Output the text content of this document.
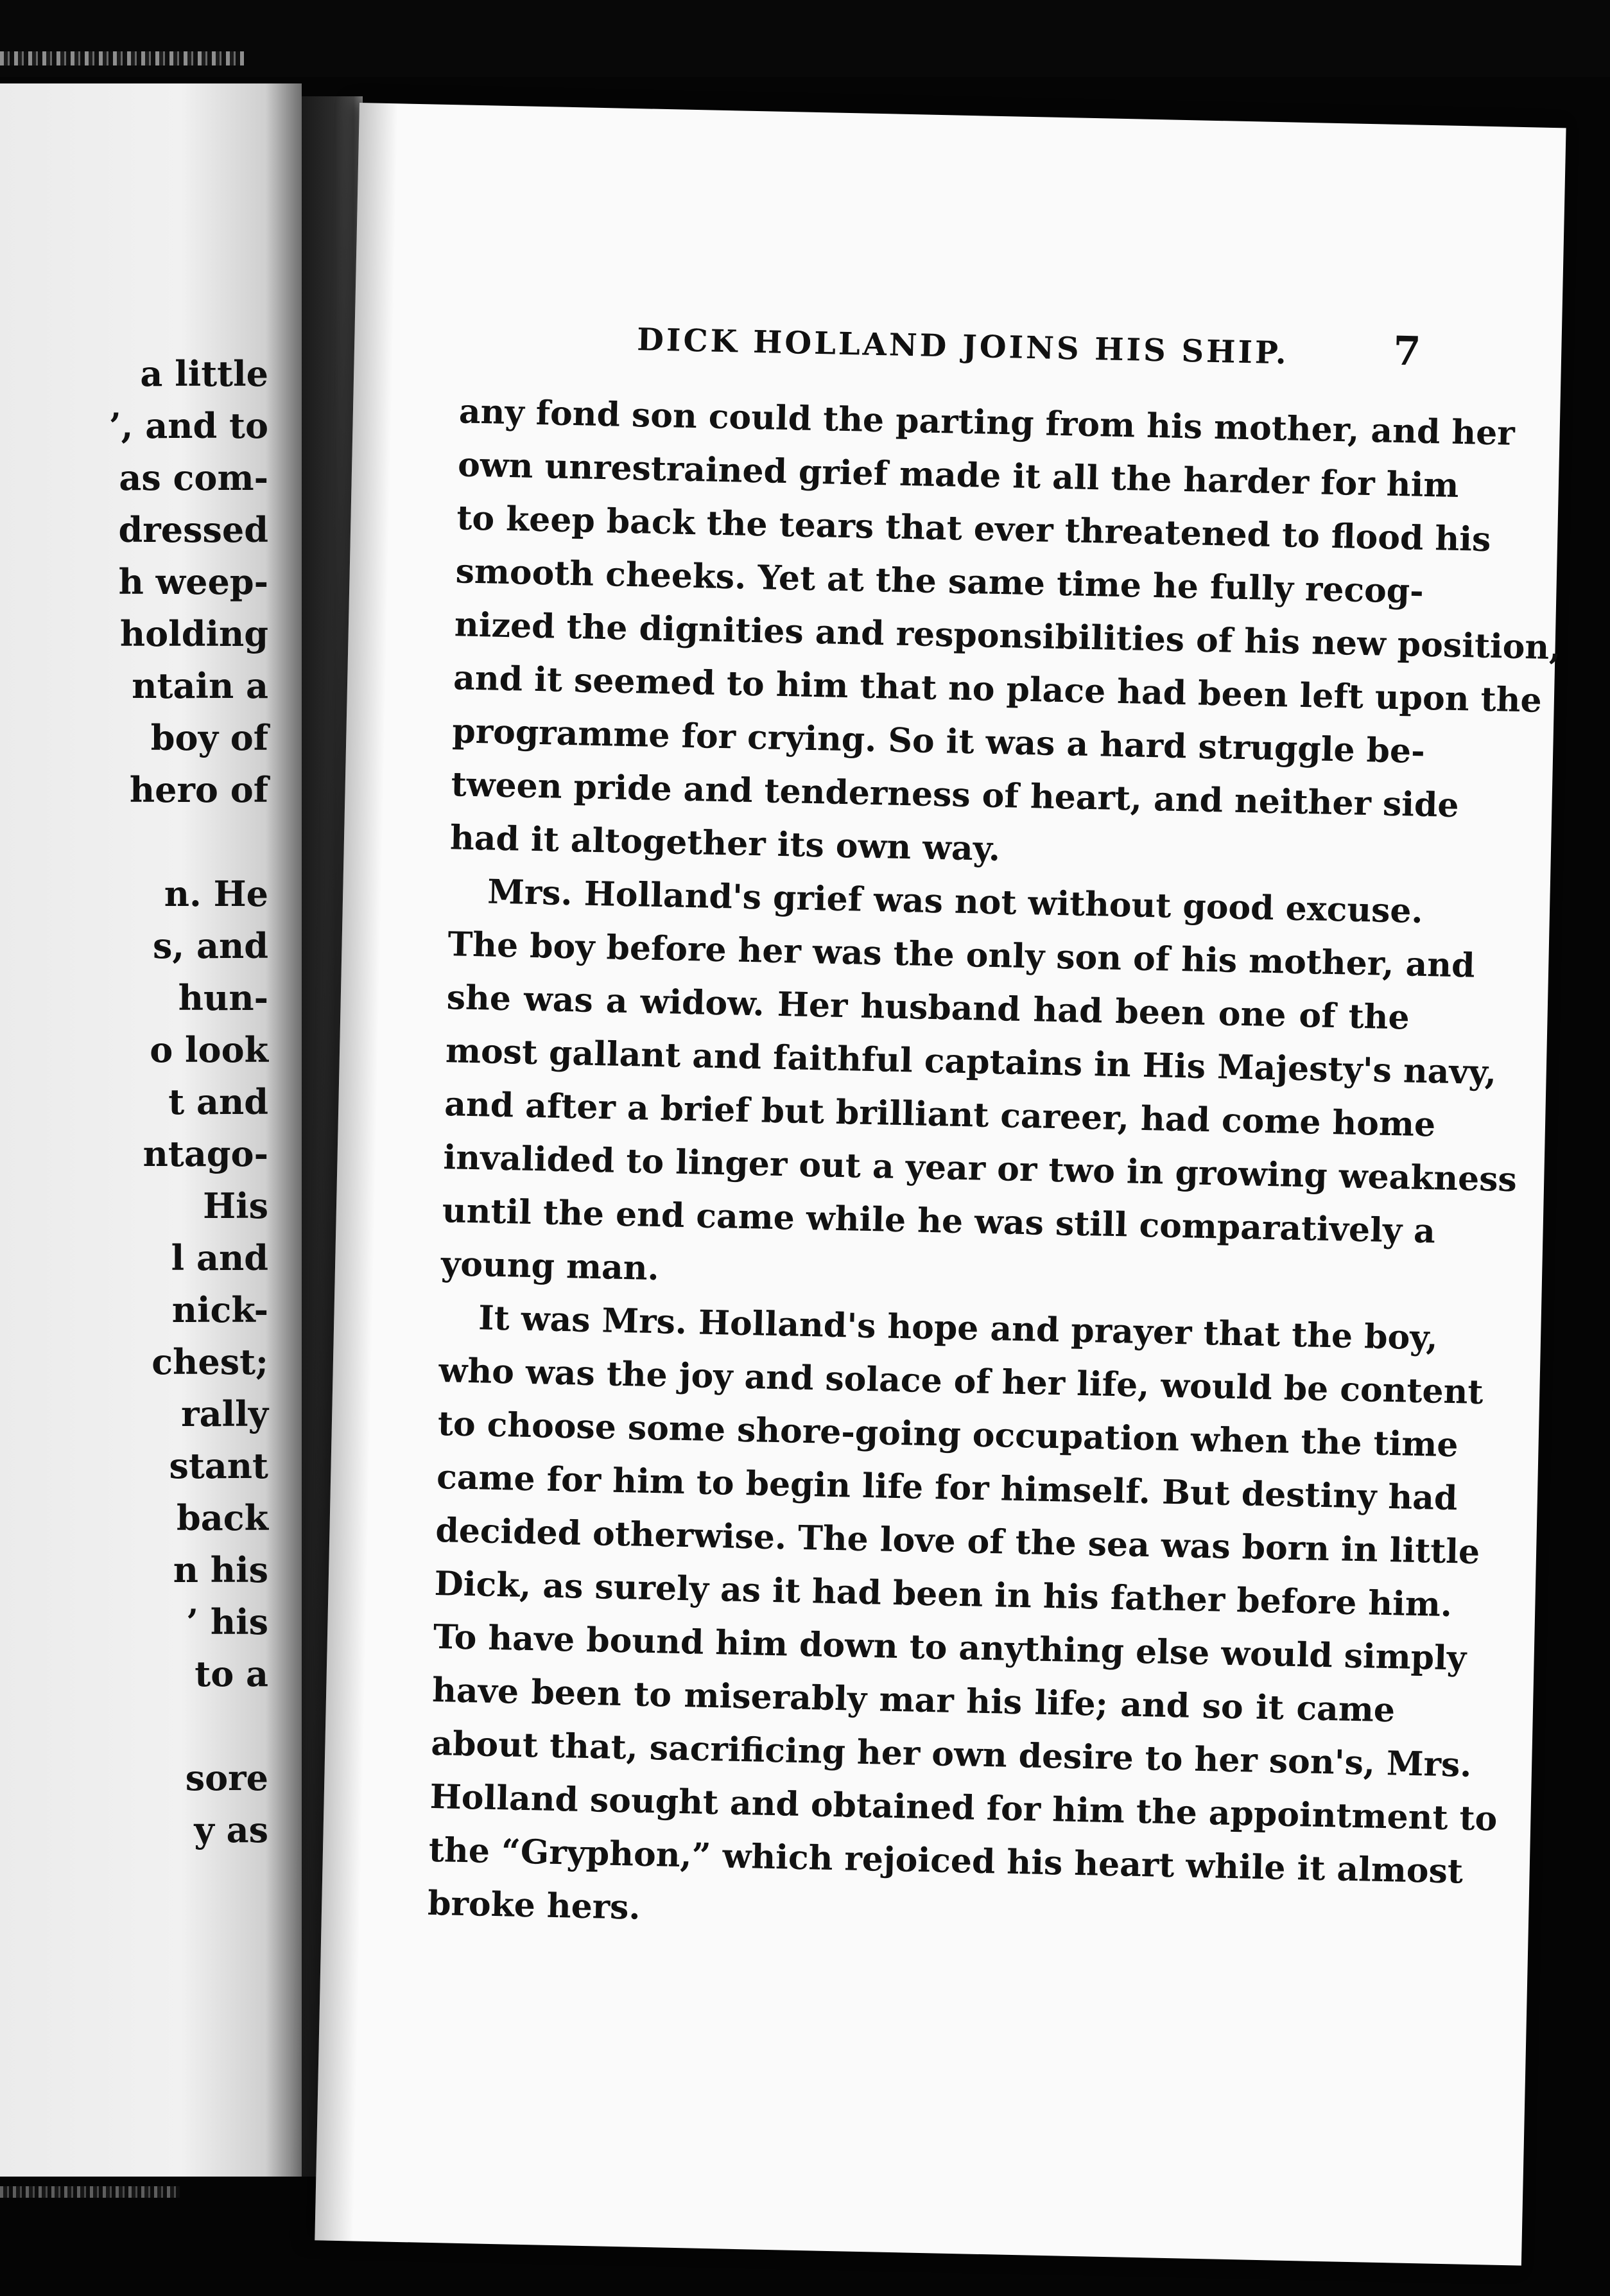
a little
’, and to
as com-
dressed
h weep-
holding
ntain a
boy of
hero of
n. He
s, and
hun-
o look
t and
ntago-
His
l and
nick-
chest;
rally
stant
back
n his
’ his
to a
sore
y as
DICK HOLLAND JOINS HIS SHIP.	7
any fond son could the parting from his mother, and her
own unrestrained grief made it all the harder for him
to keep back the tears that ever threatened to flood his
smooth cheeks. Yet at the same time he fully recog-
nized the dignities and responsibilities of his new position,
and it seemed to him that no place had been left upon the
programme for crying. So it was a hard struggle be-
tween pride and tenderness of heart, and neither side
had it altogether its own way.
Mrs. Holland's grief was not without good excuse.
The boy before her was the only son of his mother, and
she was a widow. Her husband had been one of the
most gallant and faithful captains in His Majesty's navy,
and after a brief but brilliant career, had come home
invalided to linger out a year or two in growing weakness
until the end came while he was still comparatively a
young man.
It was Mrs. Holland's hope and prayer that the boy,
who was the joy and solace of her life, would be content
to choose some shore-going occupation when the time
came for him to begin life for himself. But destiny had
decided otherwise. The love of the sea was born in little
Dick, as surely as it had been in his father before him.
To have bound him down to anything else would simply
have been to miserably mar his life; and so it came
about that, sacrificing her own desire to her son's, Mrs.
Holland sought and obtained for him the appointment to
the “Gryphon,” which rejoiced his heart while it almost
broke hers.
